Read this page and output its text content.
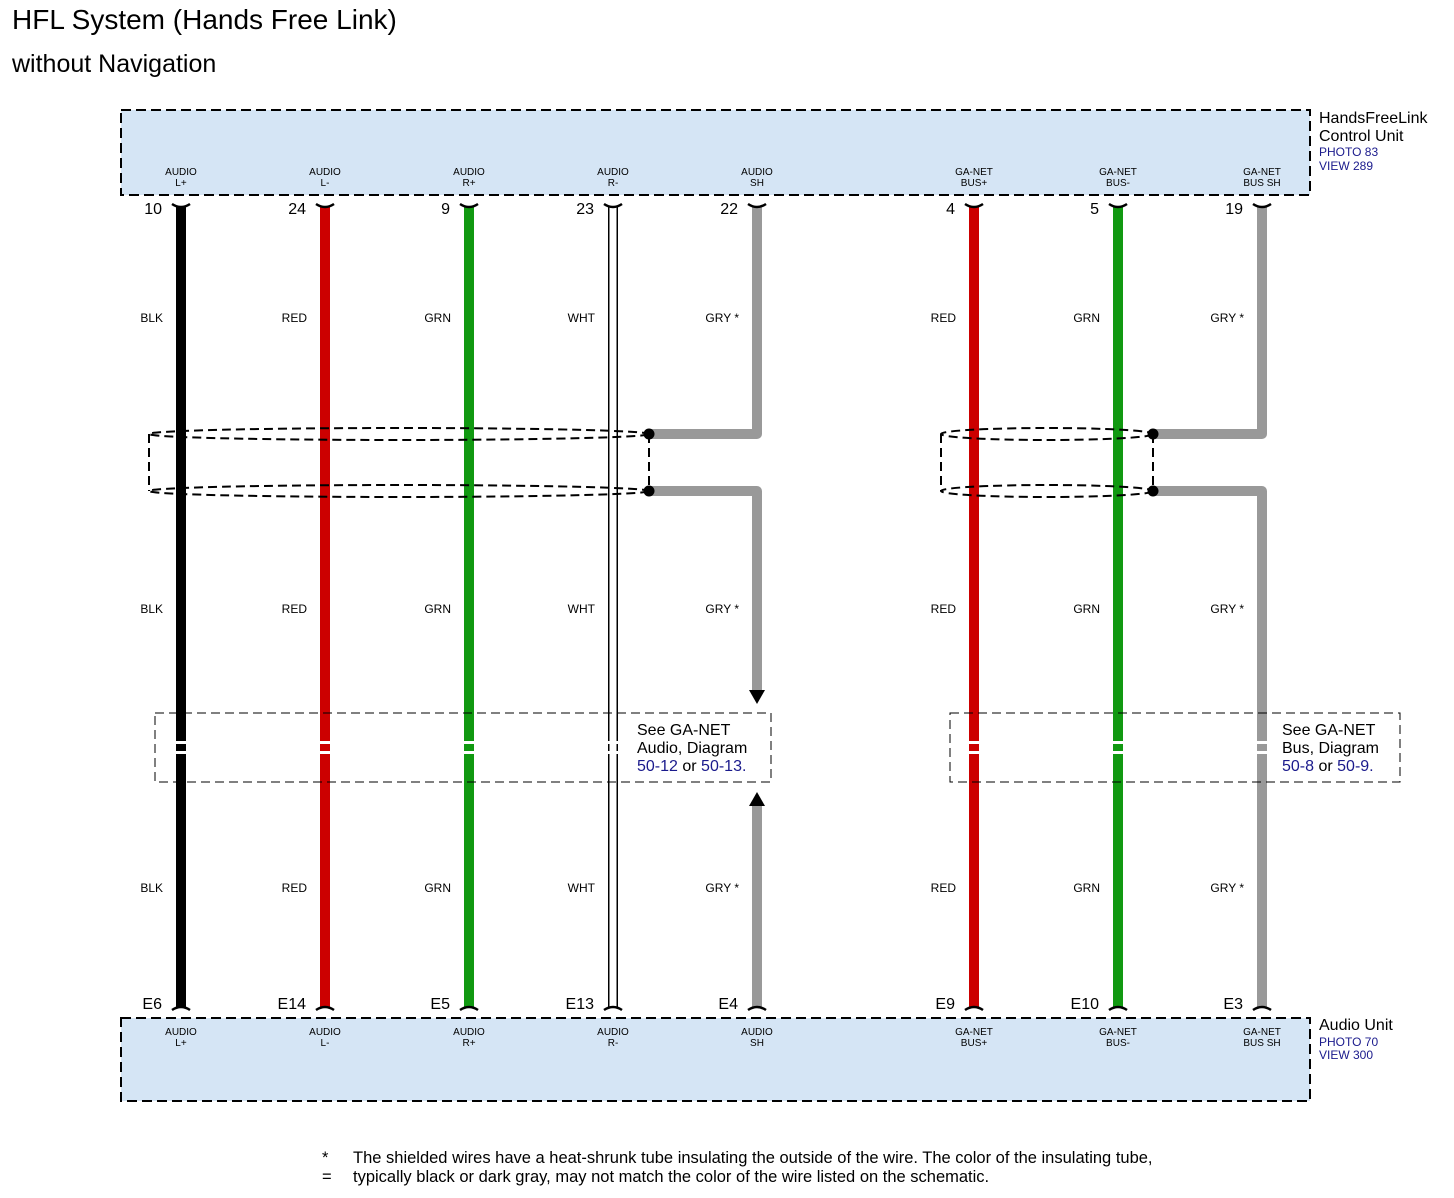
HFL System (Hands Free Link)
without Navigation
HandsFreeLink
Control Unit
PHOTO 83
VIEW 289
Audio Unit
PHOTO 70
VIEW 300
See GA-NET
Audio, Diagram
50-12 or 50-13.
See GA-NET
Bus, Diagram
50-8 or 50-9.
10
E6
AUDIO
L+
AUDIO
L+
BLK
BLK
BLK
24
E14
AUDIO
L-
AUDIO
L-
RED
RED
RED
9
E5
AUDIO
R+
AUDIO
R+
GRN
GRN
GRN
23
E13
AUDIO
R-
AUDIO
R-
WHT
WHT
WHT
22
E4
AUDIO
SH
AUDIO
SH
GRY *
GRY *
GRY *
4
E9
GA-NET
BUS+
GA-NET
BUS+
RED
RED
RED
5
E10
GA-NET
BUS-
GA-NET
BUS-
GRN
GRN
GRN
19
E3
GA-NET
BUS SH
GA-NET
BUS SH
GRY *
GRY *
GRY *
* =
The shielded wires have a heat-shrunk tube insulating the outside of the wire. The color of the insulating tube,
typically black or dark gray, may not match the color of the wire listed on the schematic.
